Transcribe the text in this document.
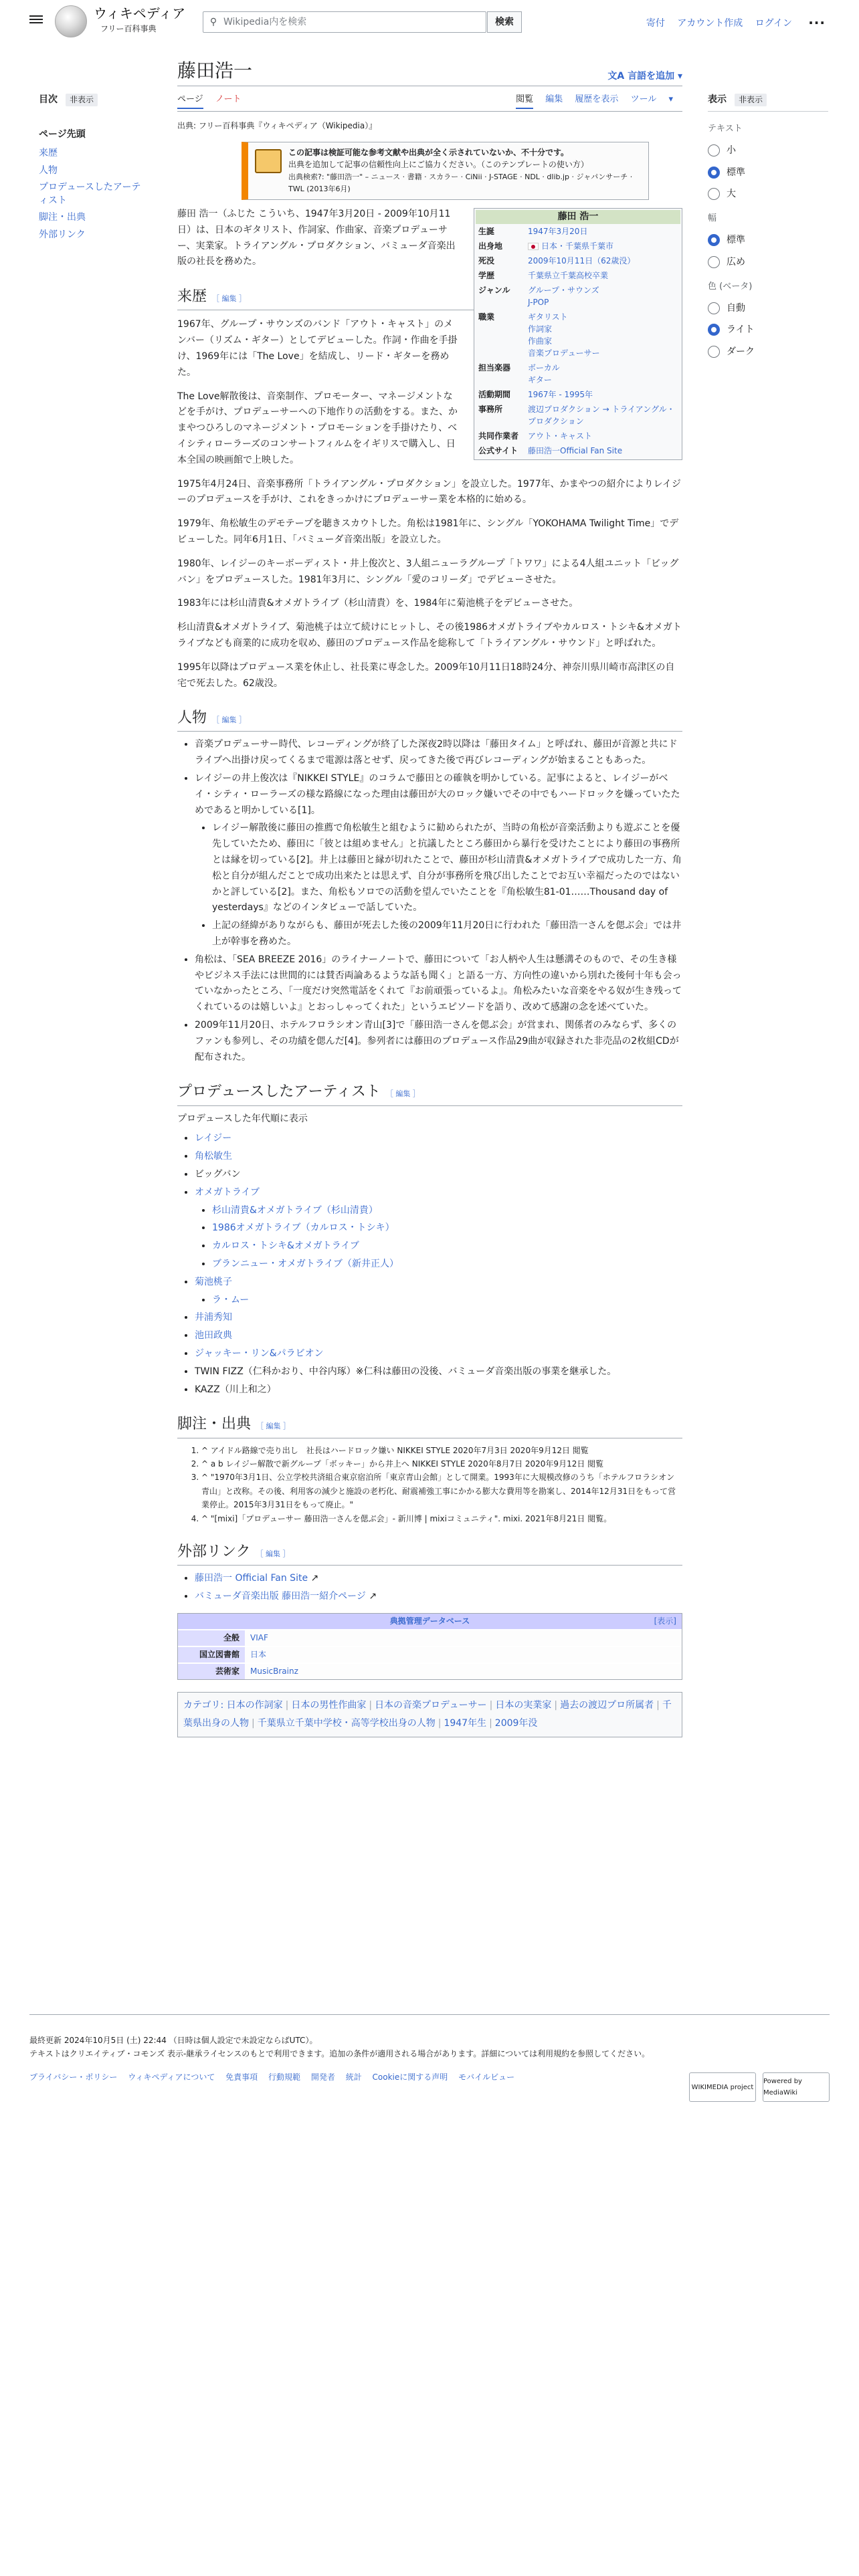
ウィキペディア
フリー百科事典
⚲ Wikipedia内を検索	検索	寄付 アカウント作成 ログイン ···
目次	非表示
ページ先頭
来歴
人物
プロデュースしたアーティスト
脚注・出典
外部リンク
表示	非表示
テキスト
小
標準
大
幅
標準
広め
色 (ベータ)
自動
ライト
ダーク
藤田浩一	文A 言語を追加 ▾
ページ ノート	閲覧 編集 履歴を表示 ツール ▾
出典: フリー百科事典『ウィキペディア（Wikipedia）』
この記事は検証可能な参考文献や出典が全く示されていないか、不十分です。
出典を追加して記事の信頼性向上にご協力ください。（このテンプレートの使い方）
出典検索?: "藤田浩一" – ニュース · 書籍 · スカラー · CiNii · J-STAGE · NDL · dlib.jp · ジャパンサーチ · TWL (2013年6月)
藤田 浩一
生誕	1947年3月20日
出身地	日本・千葉県千葉市
死没	2009年10月11日（62歳没）
学歴	千葉県立千葉高校卒業
ジャンル	グループ・サウンズ
J-POP
職業	ギタリスト
作詞家
作曲家
音楽プロデューサー
担当楽器	ボーカル
ギター
活動期間	1967年 - 1995年
事務所	渡辺プロダクション → トライアングル・プロダクション
共同作業者	アウト・キャスト
公式サイト	藤田浩一Official Fan Site

藤田 浩一（ふじた こういち、1947年3月20日 - 2009年10月11日）は、日本のギタリスト、作詞家、作曲家、音楽プロデューサー、実業家。トライアングル・プロダクション、バミューダ音楽出版の社長を務めた。

来歴 ［ 編集 ］

1967年、グループ・サウンズのバンド「アウト・キャスト」のメンバー（リズム・ギター）としてデビューした。作詞・作曲を手掛け、1969年には「The Love」を結成し、リード・ギターを務めた。

The Love解散後は、音楽制作、プロモーター、マネージメントなどを手がけ、プロデューサーへの下地作りの活動をする。また、かまやつひろしのマネージメント・プロモーションを手掛けたり、ベイシティローラーズのコンサートフィルムをイギリスで購入し、日本全国の映画館で上映した。

1975年4月24日、音楽事務所「トライアングル・プロダクション」を設立した。1977年、かまやつの紹介によりレイジーのプロデュースを手がけ、これをきっかけにプロデューサー業を本格的に始める。

1979年、角松敏生のデモテープを聴きスカウトした。角松は1981年に、シングル「YOKOHAMA Twilight Time」でデビューした。同年6月1日、「バミューダ音楽出版」を設立した。

1980年、レイジーのキーボーディスト・井上俊次と、3人組ニューラグループ「トワワ」による4人組ユニット「ビッグバン」をプロデュースした。1981年3月に、シングル「愛のコリーダ」でデビューさせた。

1983年には杉山清貴&オメガトライブ（杉山清貴）を、1984年に菊池桃子をデビューさせた。

杉山清貴&オメガトライブ、菊池桃子は立て続けにヒットし、その後1986オメガトライブやカルロス・トシキ&オメガトライブなども商業的に成功を収め、藤田のプロデュース作品を総称して「トライアングル・サウンド」と呼ばれた。

1995年以降はプロデュース業を休止し、社長業に専念した。2009年10月11日18時24分、神奈川県川崎市高津区の自宅で死去した。62歳没。

人物 ［ 編集 ］
• 音楽プロデューサー時代、レコーディングが終了した深夜2時以降は「藤田タイム」と呼ばれ、藤田が音源と共にドライブへ出掛け戻ってくるまで電源は落とせず、戻ってきた後で再びレコーディングが始まることもあった。
• レイジーの井上俊次は『NIKKEI STYLE』のコラムで藤田との確執を明かしている。記事によると、レイジーがベイ・シティ・ローラーズの様な路線になった理由は藤田が大のロック嫌いでその中でもハードロックを嫌っていたためであると明かしている[1]。
• レイジー解散後に藤田の推薦で角松敏生と組むように勧められたが、当時の角松が音楽活動よりも遊ぶことを優先していたため、藤田に「彼とは組めません」と抗議したところ藤田から暴行を受けたことにより藤田の事務所とは縁を切っている[2]。井上は藤田と縁が切れたことで、藤田が杉山清貴&オメガトライブで成功した一方、角松と自分が組んだことで成功出来たとは思えず、自分が事務所を飛び出したことでお互い幸福だったのではないかと評している[2]。また、角松もソロでの活動を望んでいたことを『角松敏生81-01……Thousand day of yesterdays』などのインタビューで話していた。
• 上記の経緯がありながらも、藤田が死去した後の2009年11月20日に行われた「藤田浩一さんを偲ぶ会」では井上が幹事を務めた。
• 角松は、「SEA BREEZE 2016」のライナーノートで、藤田について「お人柄や人生は懸溝そのもので、その生き様やビジネス手法には世間的には賛否両論あるような話も聞く」と語る一方、方向性の違いから別れた後何十年も会っていなかったところ、「一度だけ突然電話をくれて『お前頑張っているよ』。角松みたいな音楽をやる奴が生き残ってくれているのは嬉しいよ』とおっしゃってくれた」というエピソードを語り、改めて感謝の念を述べていた。
• 2009年11月20日、ホテルフロラシオン青山[3]で「藤田浩一さんを偲ぶ会」が営まれ、関係者のみならず、多くのファンも参列し、その功績を偲んだ[4]。参列者には藤田のプロデュース作品29曲が収録された非売品の2枚組CDが配布された。
プロデュースしたアーティスト ［ 編集 ］

プロデュースした年代順に表示

• レイジー
• 角松敏生
• ビッグバン
• オメガトライブ
• 杉山清貴&オメガトライブ（杉山清貴）
• 1986オメガトライブ（カルロス・トシキ）
• カルロス・トシキ&オメガトライブ
• ブランニュー・オメガトライブ（新井正人）
• 菊池桃子
• ラ・ムー
• 井浦秀知
• 池田政典
• ジャッキー・リン&パラビオン
• TWIN FIZZ（仁科かおり、中谷内琢）※仁科は藤田の没後、バミューダ音楽出版の事業を継承した。
• KAZZ（川上和之）
脚注・出典 ［ 編集 ］
1. ^ アイドル路線で売り出し　社長はハードロック嫌い NIKKEI STYLE 2020年7月3日 2020年9月12日 閲覧
2. ^ a b レイジー解散で新グループ「ボッキー」から井上へ NIKKEI STYLE 2020年8月7日 2020年9月12日 閲覧
3. ^ "1970年3月1日、公立学校共済組合東京宿泊所「東京青山会館」として開業。1993年に大規模改修のうち「ホテルフロラシオン青山」と改称。その後、利用客の減少と施設の老朽化、耐震補強工事にかかる膨大な費用等を勘案し、2014年12月31日をもって営業停止。2015年3月31日をもって廃止。"
4. ^ "[mixi]「プロデューサー 藤田浩一さんを偲ぶ会」- 新川博 | mixiコミュニティ". mixi. 2021年8月21日 閲覧。
外部リンク ［ 編集 ］
• 藤田浩一 Official Fan Site ↗
• バミューダ音楽出版 藤田浩一紹介ページ ↗
[表示]
典拠管理データベース
全般	VIAF
国立図書館	日本
芸術家	MusicBrainz
カテゴリ: 日本の作詞家 | 日本の男性作曲家 | 日本の音楽プロデューサー | 日本の実業家 | 過去の渡辺プロ所属者 | 千葉県出身の人物 | 千葉県立千葉中学校・高等学校出身の人物 | 1947年生 | 2009年没
最終更新 2024年10月5日 (土) 22:44 （日時は個人設定で未設定ならばUTC）。
テキストはクリエイティブ・コモンズ 表示-継承ライセンスのもとで利用できます。追加の条件が適用される場合があります。詳細については利用規約を参照してください。
プライバシー・ポリシー ウィキペディアについて 免責事項 行動規範 開発者 統計 Cookieに関する声明 モバイルビュー
WIKIMEDIA project
Powered by MediaWiki
